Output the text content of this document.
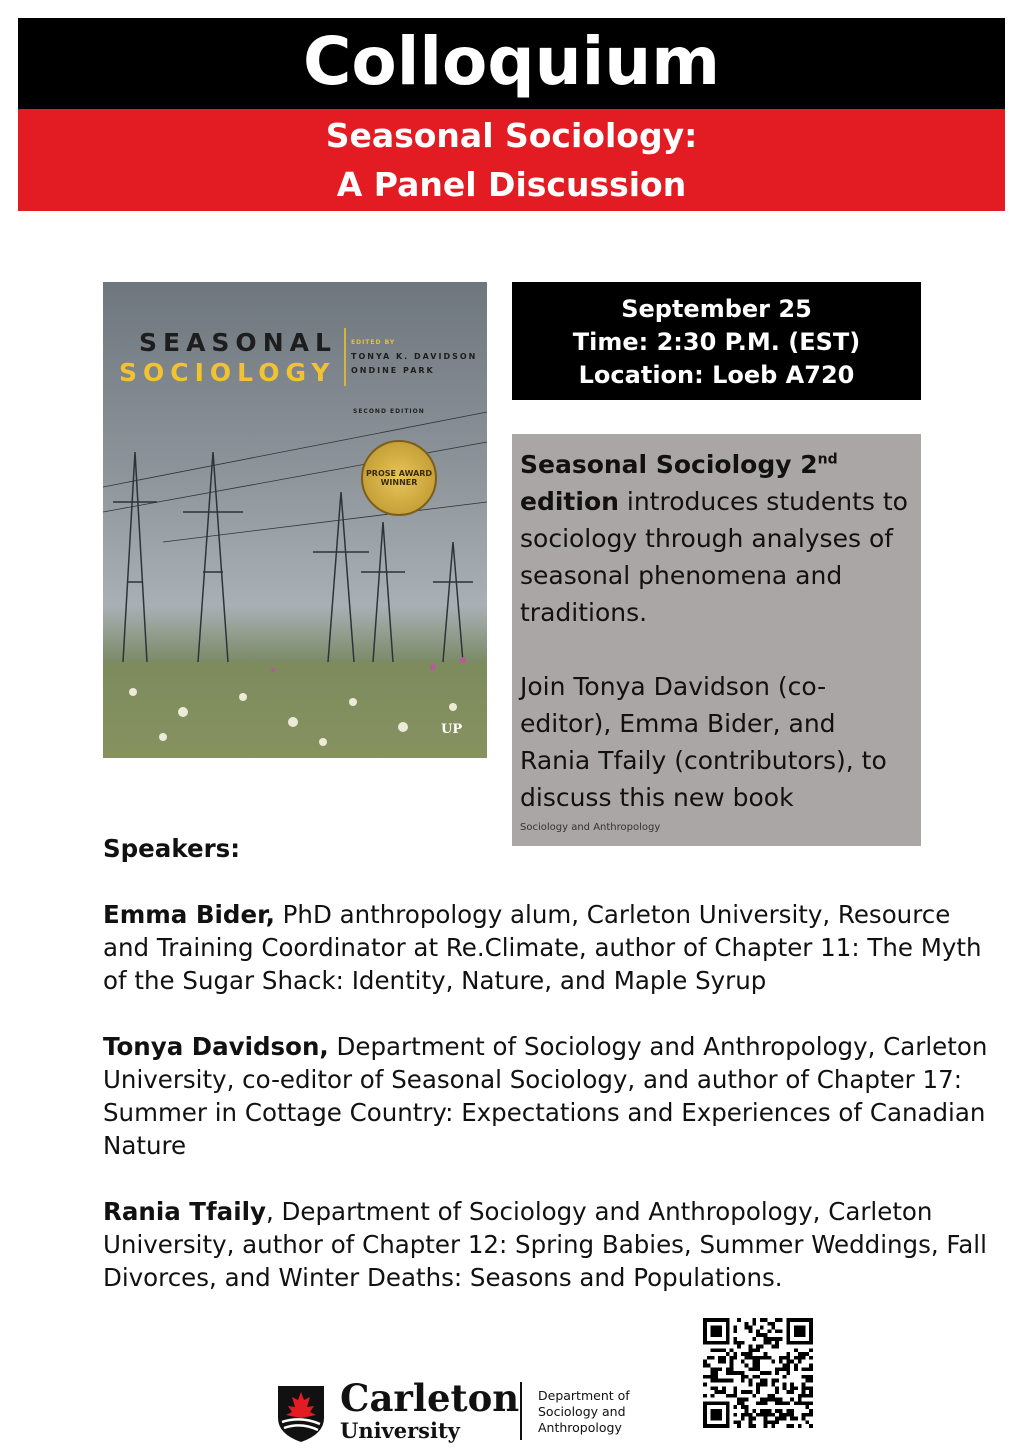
Colloquium
Seasonal Sociology:
A Panel Discussion
SEASONAL
SOCIOLOGY
EDITED BY
TONYA K. DAVIDSON
ONDINE PARK
SECOND EDITION
PROSE AWARD WINNER
UP
September 25
Time: 2:30 P.M. (EST)
Location: Loeb A720

Seasonal Sociology 2nd edition introduces students to sociology through analyses of seasonal phenomena and traditions.

Join Tonya Davidson (co-editor), Emma Bider, and Rania Tfaily (contributors), to discuss this new book

Sociology and Anthropology
Speakers:

Emma Bider, PhD anthropology alum, Carleton University, Resource and Training Coordinator at Re.Climate, author of Chapter 11: The Myth of the Sugar Shack: Identity, Nature, and Maple Syrup

Tonya Davidson, Department of Sociology and Anthropology, Carleton University, co-editor of Seasonal Sociology, and author of Chapter 17: Summer in Cottage Country: Expectations and Experiences of Canadian Nature

Rania Tfaily, Department of Sociology and Anthropology, Carleton University, author of Chapter 12: Spring Babies, Summer Weddings, Fall Divorces, and Winter Deaths: Seasons and Populations.

Carleton
University
Department of Sociology and Anthropology
